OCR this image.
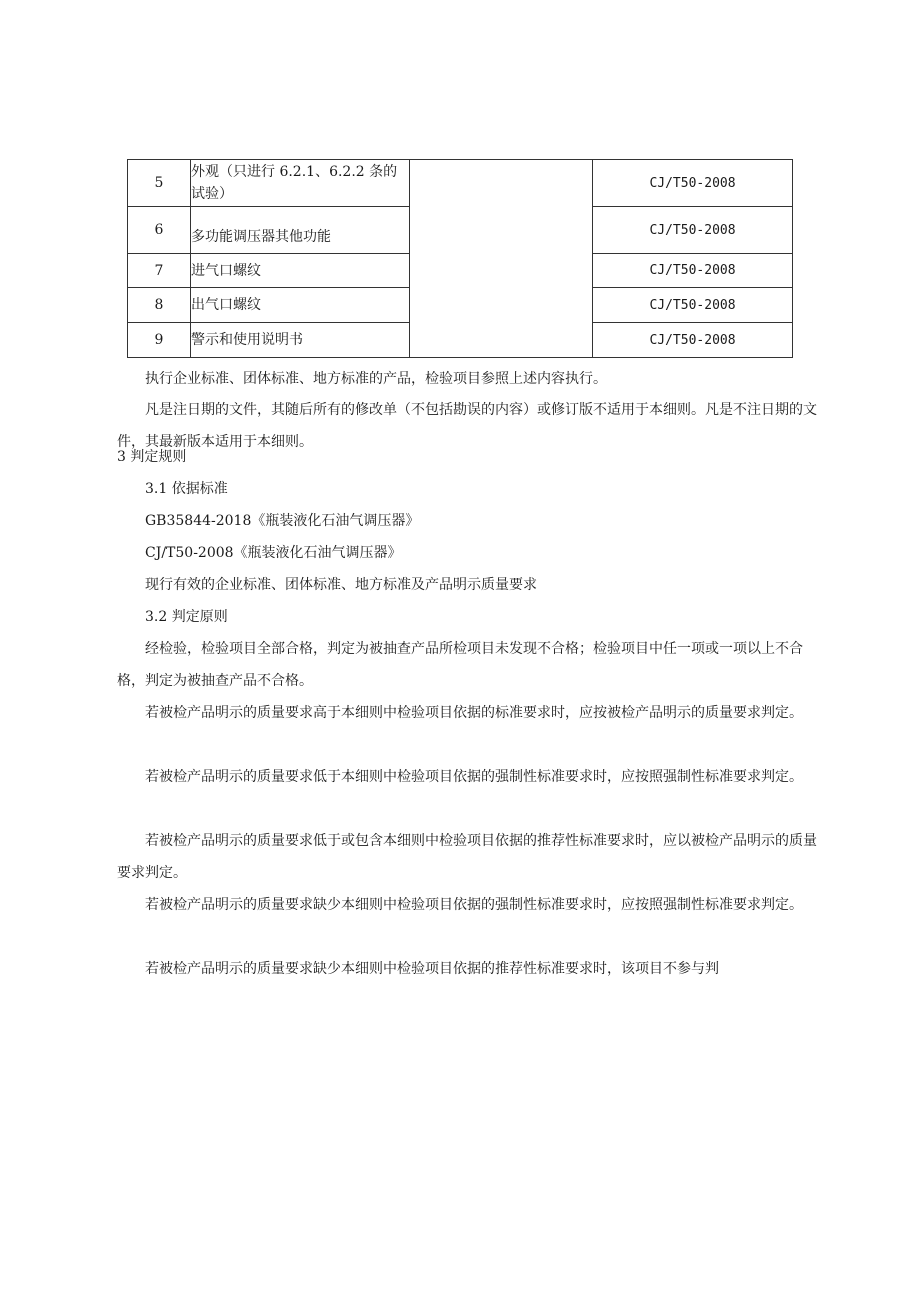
5	外观（只进行 6.2.1、6.2.2 条的试验）		CJ/T50-2008
6	多功能调压器其他功能		CJ/T50-2008
7	进气口螺纹		CJ/T50-2008
8	出气口螺纹		CJ/T50-2008
9	警示和使用说明书		CJ/T50-2008

执行企业标准、团体标准、地方标准的产品，检验项目参照上述内容执行。

凡是注日期的文件，其随后所有的修改单（不包括勘误的内容）或修订版不适用于本细则。凡是不注日期的文件，其最新版本适用于本细则。

3 判定规则

3.1 依据标准

GB35844-2018《瓶装液化石油气调压器》

CJ/T50-2008《瓶装液化石油气调压器》

现行有效的企业标准、团体标准、地方标准及产品明示质量要求

3.2 判定原则

经检验，检验项目全部合格，判定为被抽查产品所检项目未发现不合格；检验项目中任一项或一项以上不合格，判定为被抽查产品不合格。

若被检产品明示的质量要求高于本细则中检验项目依据的标准要求时，应按被检产品明示的质量要求判定。

若被检产品明示的质量要求低于本细则中检验项目依据的强制性标准要求时，应按照强制性标准要求判定。

若被检产品明示的质量要求低于或包含本细则中检验项目依据的推荐性标准要求时，应以被检产品明示的质量要求判定。

若被检产品明示的质量要求缺少本细则中检验项目依据的强制性标准要求时，应按照强制性标准要求判定。

若被检产品明示的质量要求缺少本细则中检验项目依据的推荐性标准要求时，该项目不参与判
